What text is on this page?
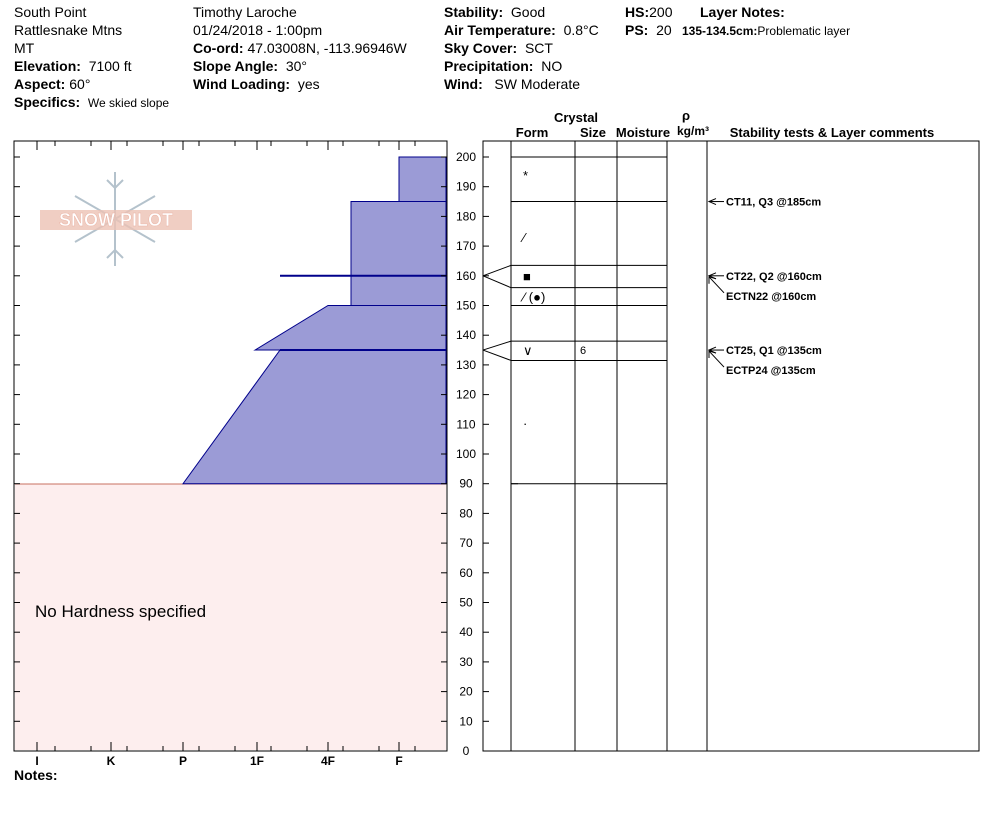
South Point
Rattlesnake Mtns
MT
Elevation: 7100 ft
Aspect: 60°
Specifics: We skied slope
Timothy Laroche
01/24/2018 - 1:00pm
Co-ord: 47.03008N, -113.96946W
Slope Angle: 30°
Wind Loading: yes
Stability: Good
Air Temperature: 0.8°C
Sky Cover: SCT
Precipitation: NO
Wind: SW Moderate
HS:200
PS: 20
Layer Notes:
135-134.5cm:Problematic layer
No Hardness specified
SNOW PILOT
0
10
20
30
40
50
60
70
80
90
100
110
120
130
140
150
160
170
180
190
200
I	K	P	1F	4F	F
Crystal
Form Size Moisture
ρ
kg/m³ Stability tests & Layer comments
*
⁄
■
⁄ (●)
∨	6
·
CT11, Q3 @185cm
CT22, Q2 @160cm
ECTN22 @160cm
CT25, Q1 @135cm
ECTP24 @135cm
Notes:
